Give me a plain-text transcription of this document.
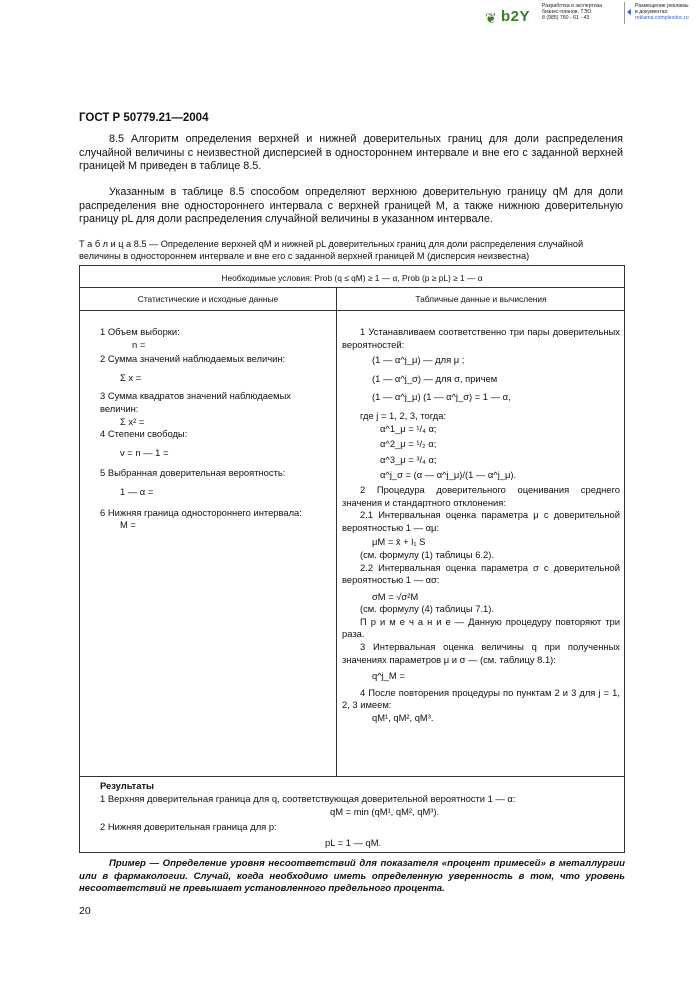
❦ b2Y
Разработка и экспертиза
бизнес-планов, ТЭО
8 (985) 760 - 61 - 43
Размещение рекламы
в документах:
reklama.complexdoc.ru
ГОСТ Р 50779.21—2004
8.5 Алгоритм определения верхней и нижней доверительных границ для доли распределения случайной величины с неизвестной дисперсией в одностороннем интервале и вне его с заданной верхней границей M приведен в таблице 8.5.
Указанным в таблице 8.5 способом определяют верхнюю доверительную границу qM для доли распределения вне одностороннего интервала с верхней границей M, а также нижнюю доверительную границу pL для доли распределения случайной величины в указанном интервале.
Т а б л и ц а 8.5 — Определение верхней qM и нижней pL доверительных границ для доли распределения случайной величины в одностороннем интервале и вне его с заданной верхней границей M (дисперсия неизвестна)
Необходимые условия: Prob (q ≤ qM) ≥ 1 — α, Prob (p ≥ pL) ≥ 1 — α
Статистические и исходные данные	Табличные данные и вычисления

1 Объем выборки:

n =

2 Сумма значений наблюдаемых величин:

Σ x =

3 Сумма квадратов значений наблюдаемых величин:

Σ x² =

4 Степени свободы:

ν = n — 1 =

5 Выбранная доверительная вероятность:

1 — α =

6 Нижняя граница одностороннего интервала:

M =

1 Устанавливаем соответственно три пары доверительных вероятностей:

(1 — α^j_μ) — для μ ;

(1 — α^j_σ) — для σ, причем

(1 — α^j_μ) (1 — α^j_σ) = 1 — α,

где j = 1, 2, 3, тогда:

α^1_μ = ¹/₄ α;

α^2_μ = ¹/₂ α;

α^3_μ = ³/₄ α;

α^j_σ = (α — α^j_μ)/(1 — α^j_μ).

2 Процедура доверительного оценивания среднего значения и стандартного отклонения:

2.1 Интервальная оценка параметра μ с доверительной вероятностью 1 — αμ:

μM = x̄ + l₁ S

(см. формулу (1) таблицы 6.2).

2.2 Интервальная оценка параметра σ с доверительной вероятностью 1 — ασ:

σM = √σ²M

(см. формулу (4) таблицы 7.1).

П р и м е ч а н и е — Данную процедуру повторяют три раза.

3 Интервальная оценка величины q при полученных значениях параметров μ и σ — (см. таблицу 8.1):

q^j_M =

4 После повторения процедуры по пунктам 2 и 3 для j = 1, 2, 3 имеем:

qM¹, qM², qM³.

Результаты
1 Верхняя доверительная граница для q, соответствующая доверительной вероятности 1 — α:
qM = min (qM¹, qM², qM³).
2 Нижняя доверительная граница для p:
pL = 1 — qM.
Пример — Определение уровня несоответствий для показателя «процент примесей» в металлургии или в фармакологии. Случай, когда необходимо иметь определенную уверенность в том, что уровень несоответствий не превышает установленного предельного процента.
20
